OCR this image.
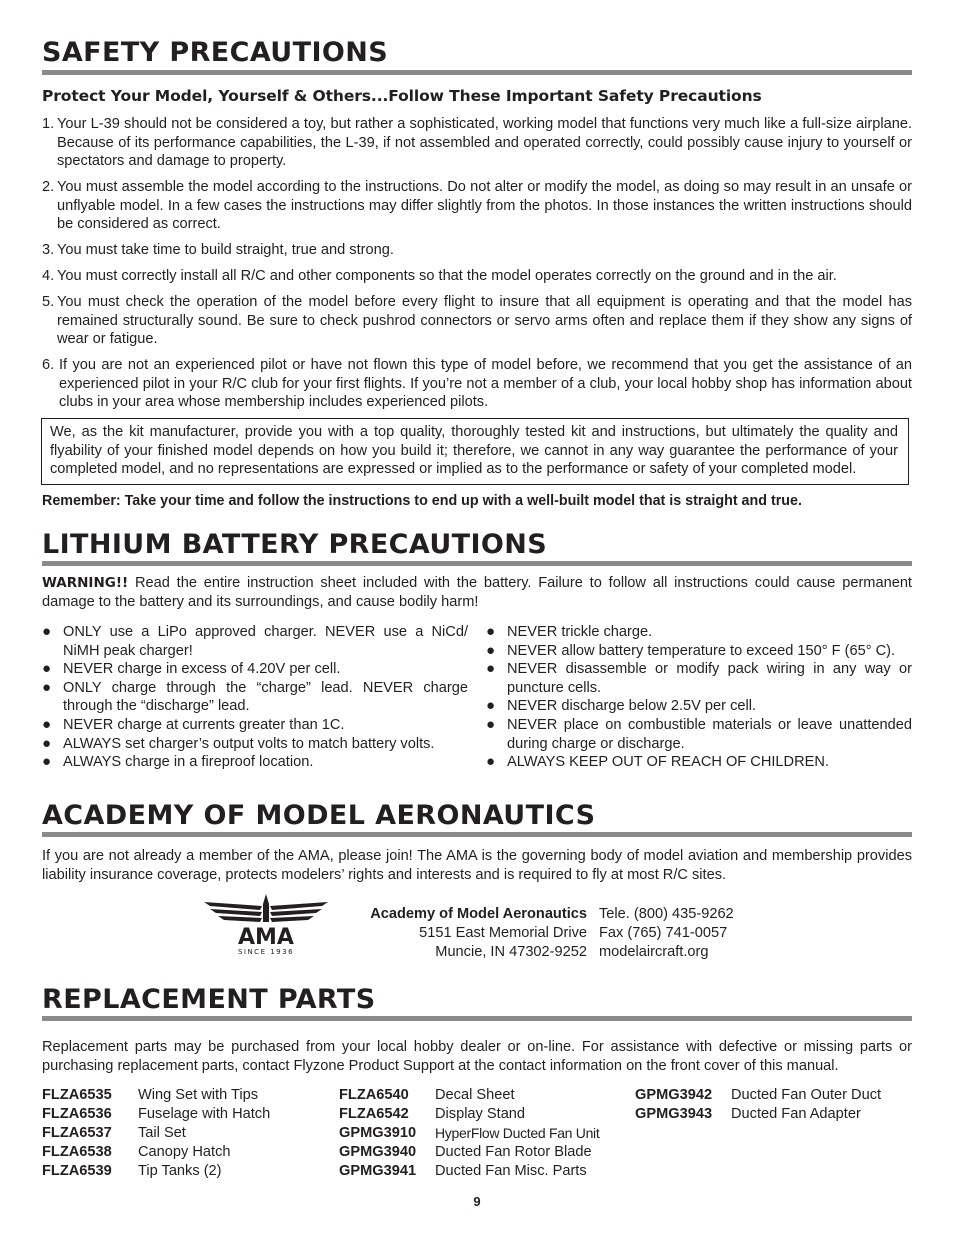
SAFETY PRECAUTIONS
Protect Your Model, Yourself & Others...Follow These Important Safety Precautions
1. Your L-39 should not be considered a toy, but rather a sophisticated, working model that functions very much like a full-size airplane. Because of its performance capabilities, the L-39, if not assembled and operated correctly, could possibly cause injury to yourself or spectators and damage to property.
2. You must assemble the model according to the instructions. Do not alter or modify the model, as doing so may result in an unsafe or unflyable model. In a few cases the instructions may differ slightly from the photos. In those instances the written instructions should be considered as correct.
3. You must take time to build straight, true and strong.
4. You must correctly install all R/C and other components so that the model operates correctly on the ground and in the air.
5. You must check the operation of the model before every flight to insure that all equipment is operating and that the model has remained structurally sound. Be sure to check pushrod connectors or servo arms often and replace them if they show any signs of wear or fatigue.
6. If you are not an experienced pilot or have not flown this type of model before, we recommend that you get the assistance of an experienced pilot in your R/C club for your first flights. If you’re not a member of a club, your local hobby shop has information about clubs in your area whose membership includes experienced pilots.
We, as the kit manufacturer, provide you with a top quality, thoroughly tested kit and instructions, but ultimately the quality and flyability of your finished model depends on how you build it; therefore, we cannot in any way guarantee the performance of your completed model, and no representations are expressed or implied as to the performance or safety of your completed model.
Remember: Take your time and follow the instructions to end up with a well-built model that is straight and true.
LITHIUM BATTERY PRECAUTIONS
WARNING!! Read the entire instruction sheet included with the battery. Failure to follow all instructions could cause permanent damage to the battery and its surroundings, and cause bodily harm!
● ONLY use a LiPo approved charger. NEVER use a NiCd/ NiMH peak charger!
● NEVER charge in excess of 4.20V per cell.
● ONLY charge through the “charge” lead. NEVER charge through the “discharge” lead.
● NEVER charge at currents greater than 1C.
● ALWAYS set charger’s output volts to match battery volts.
● ALWAYS charge in a fireproof location.
● NEVER trickle charge.
● NEVER allow battery temperature to exceed 150° F (65° C).
● NEVER disassemble or modify pack wiring in any way or puncture cells.
● NEVER discharge below 2.5V per cell.
● NEVER place on combustible materials or leave unattended during charge or discharge.
● ALWAYS KEEP OUT OF REACH OF CHILDREN.
ACADEMY OF MODEL AERONAUTICS
If you are not already a member of the AMA, please join! The AMA is the governing body of model aviation and membership provides liability insurance coverage, protects modelers’ rights and interests and is required to fly at most R/C sites.
AMA
SINCE 1936
Academy of Model Aeronautics
5151 East Memorial Drive
Muncie, IN 47302-9252
Tele. (800) 435-9262
Fax (765) 741-0057
modelaircraft.org
REPLACEMENT PARTS
Replacement parts may be purchased from your local hobby dealer or on-line. For assistance with defective or missing parts or purchasing replacement parts, contact Flyzone Product Support at the contact information on the front cover of this manual.
FLZA6535	Wing Set with Tips
FLZA6536	Fuselage with Hatch
FLZA6537	Tail Set
FLZA6538	Canopy Hatch
FLZA6539	Tip Tanks (2)
FLZA6540	Decal Sheet
FLZA6542	Display Stand
GPMG3910	HyperFlow Ducted Fan Unit
GPMG3940	Ducted Fan Rotor Blade
GPMG3941	Ducted Fan Misc. Parts
GPMG3942	Ducted Fan Outer Duct
GPMG3943	Ducted Fan Adapter
9
